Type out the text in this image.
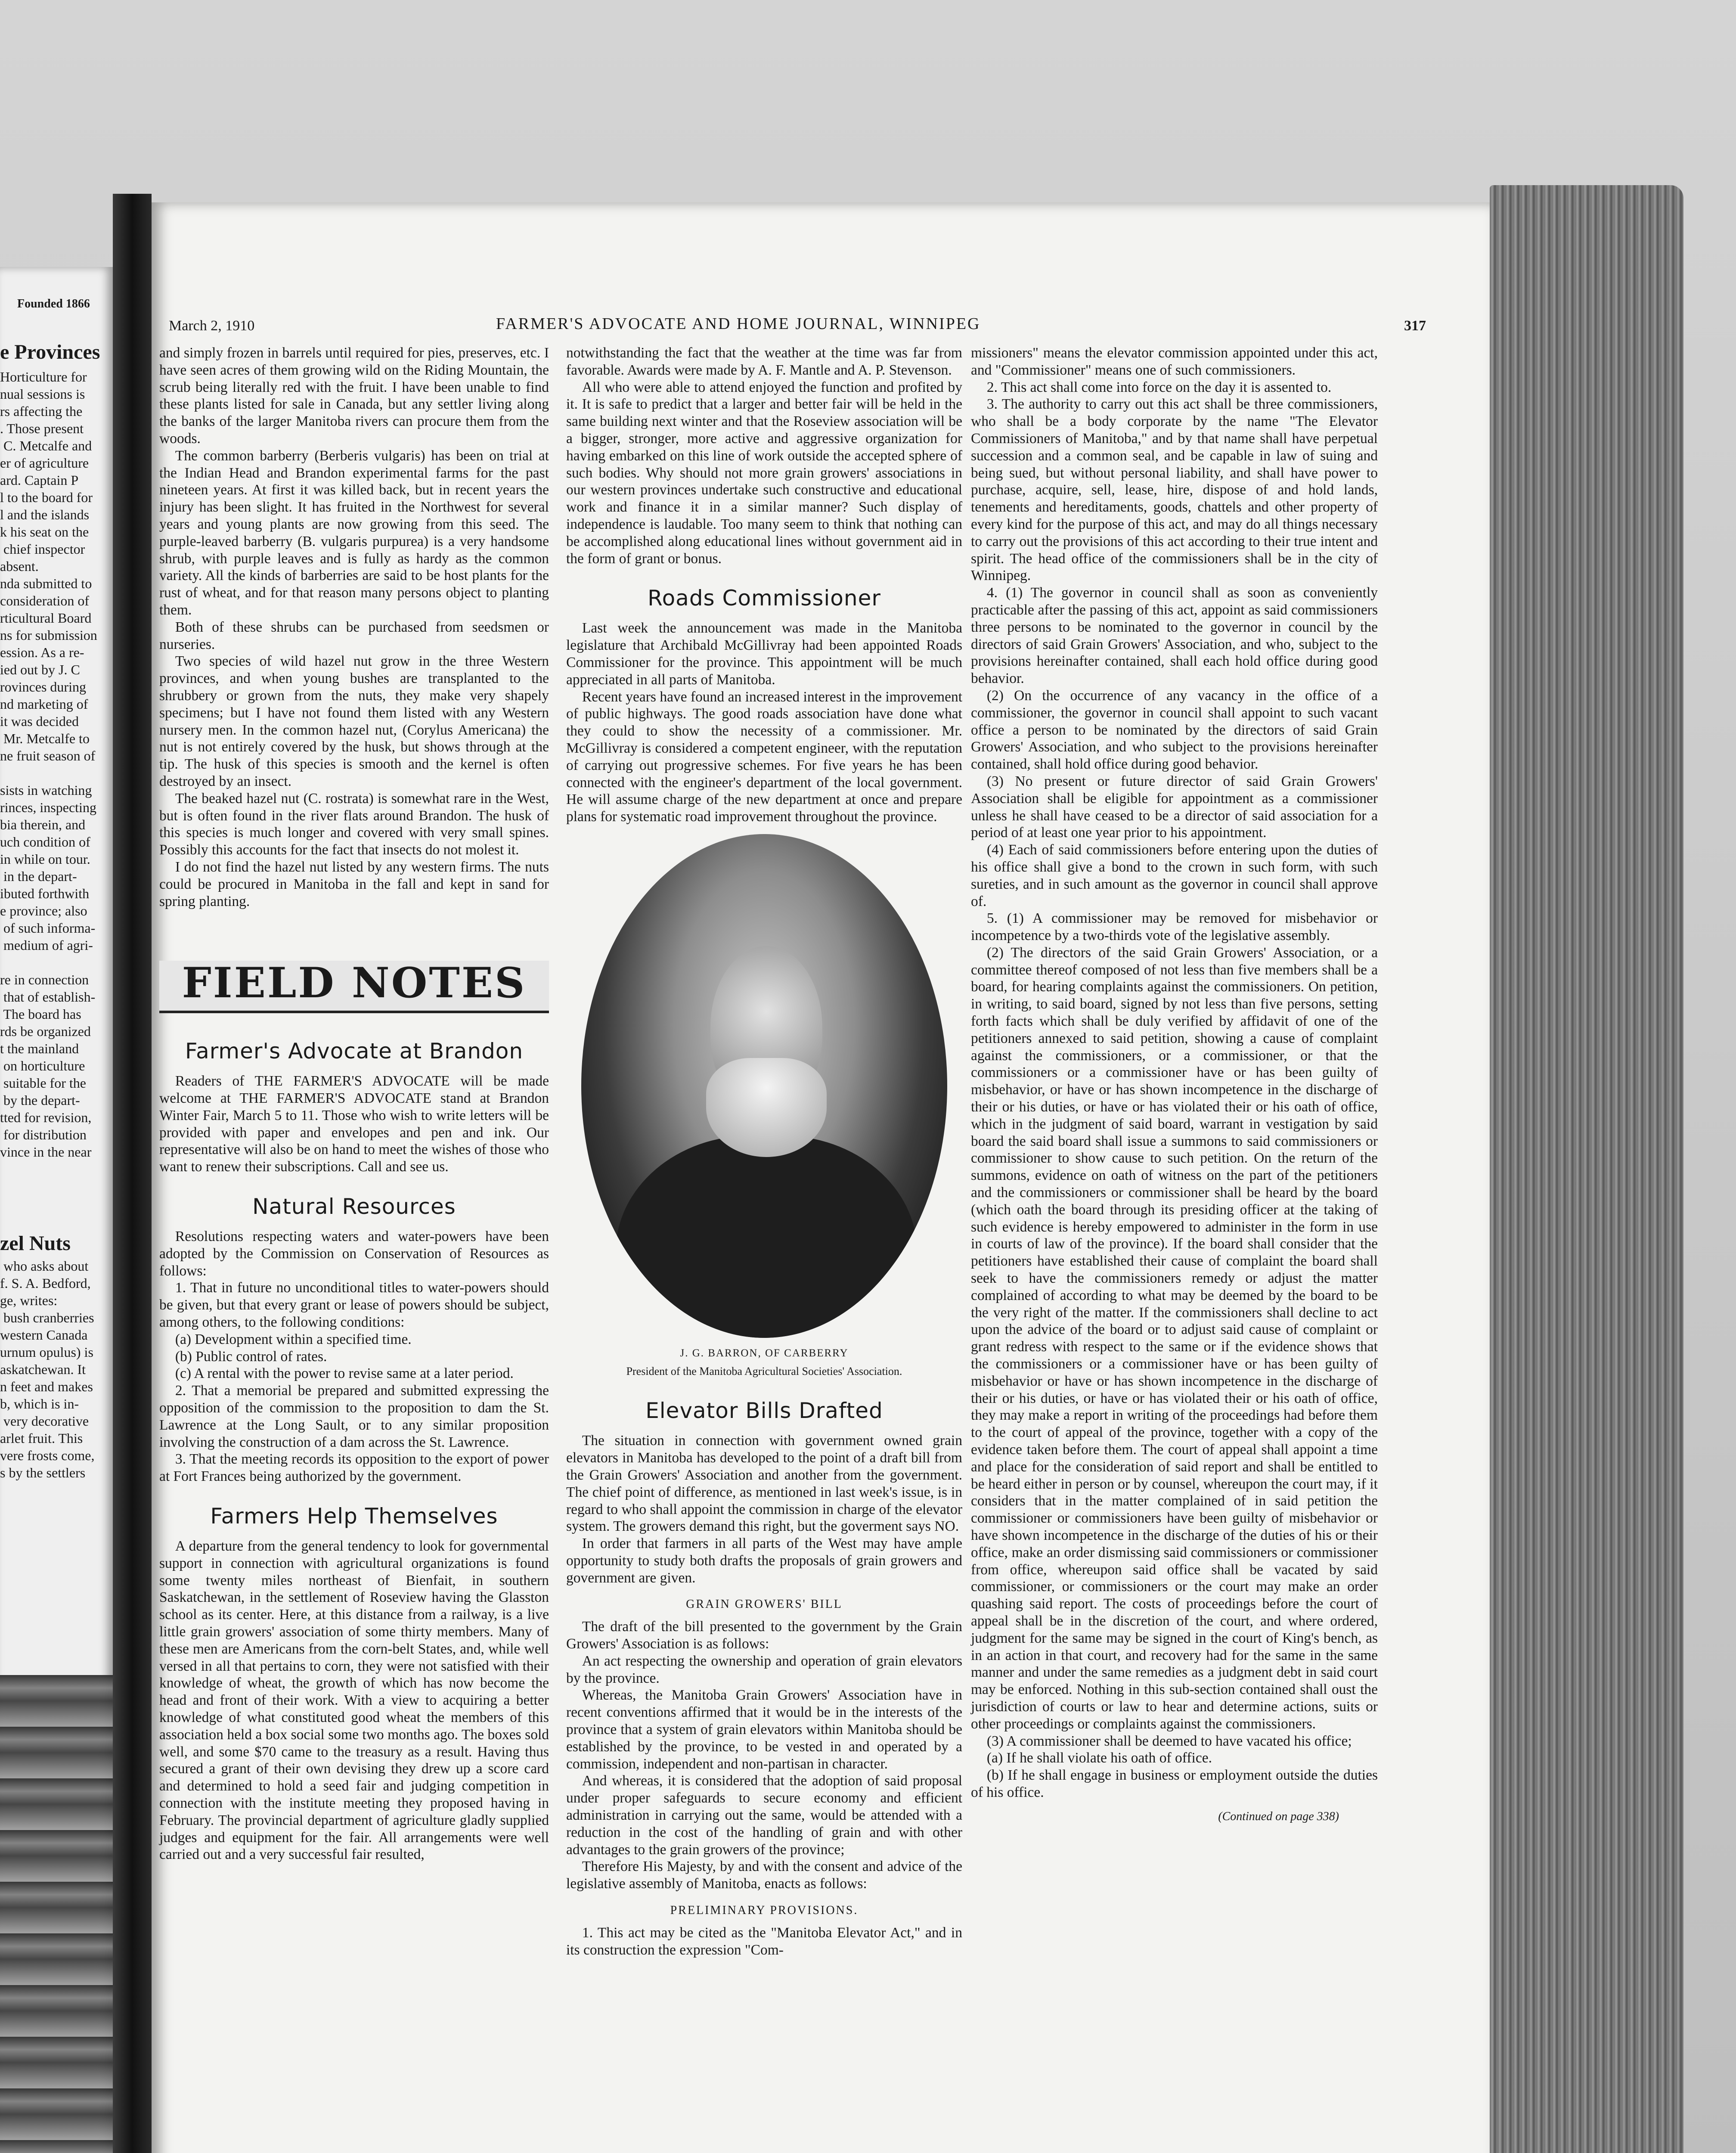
Founded 1866
e Provinces
Horticulture for
nual sessions is
rs affecting the
. Those present
C. Metcalfe and
er of agriculture
ard. Captain P
l to the board for
l and the islands
k his seat on the
chief inspector
absent.
nda submitted to
consideration of
rticultural Board
ns for submission
ession. As a re-
ied out by J. C
rovinces during
nd marketing of
it was decided
Mr. Metcalfe to
ne fruit season of
sists in watching
rinces, inspecting
bia therein, and
uch condition of
in while on tour.
in the depart-
ibuted forthwith
e province; also
of such informa-
medium of agri-

re in connection
that of establish-
The board has
rds be organized
t the mainland
on horticulture
suitable for the
by the depart-
tted for revision,
for distribution
vince in the near
zel Nuts
who asks about
f. S. A. Bedford,
ge, writes:
bush cranberries
western Canada
urnum opulus) is
askatchewan. It
n feet and makes
b, which is in-
very decorative
arlet fruit. This
vere frosts come,
s by the settlers
March 2, 1910	FARMER'S ADVOCATE AND HOME JOURNAL, WINNIPEG	317

and simply frozen in barrels until required for pies, preserves, etc. I have seen acres of them growing wild on the Riding Mountain, the scrub being literally red with the fruit. I have been unable to find these plants listed for sale in Canada, but any settler living along the banks of the larger Manitoba rivers can procure them from the woods.

The common barberry (Berberis vulgaris) has been on trial at the Indian Head and Brandon experimental farms for the past nineteen years. At first it was killed back, but in recent years the injury has been slight. It has fruited in the Northwest for several years and young plants are now growing from this seed. The purple-leaved barberry (B. vulgaris purpurea) is a very handsome shrub, with purple leaves and is fully as hardy as the common variety. All the kinds of barberries are said to be host plants for the rust of wheat, and for that reason many persons object to planting them.

Both of these shrubs can be purchased from seedsmen or nurseries.

Two species of wild hazel nut grow in the three Western provinces, and when young bushes are transplanted to the shrubbery or grown from the nuts, they make very shapely specimens; but I have not found them listed with any Western nursery men. In the common hazel nut, (Corylus Americana) the nut is not entirely covered by the husk, but shows through at the tip. The husk of this species is smooth and the kernel is often destroyed by an insect.

The beaked hazel nut (C. rostrata) is somewhat rare in the West, but is often found in the river flats around Brandon. The husk of this species is much longer and covered with very small spines. Possibly this accounts for the fact that insects do not molest it.

I do not find the hazel nut listed by any western firms. The nuts could be procured in Manitoba in the fall and kept in sand for spring planting.

FIELD NOTES
Farmer's Advocate at Brandon

Readers of THE FARMER'S ADVOCATE will be made welcome at THE FARMER'S ADVOCATE stand at Brandon Winter Fair, March 5 to 11. Those who wish to write letters will be provided with paper and envelopes and pen and ink. Our representative will also be on hand to meet the wishes of those who want to renew their subscriptions. Call and see us.

Natural Resources

Resolutions respecting waters and water-powers have been adopted by the Commission on Conservation of Resources as follows:

1. That in future no unconditional titles to water-powers should be given, but that every grant or lease of powers should be subject, among others, to the following conditions:

(a) Development within a specified time.

(b) Public control of rates.

(c) A rental with the power to revise same at a later period.

2. That a memorial be prepared and submitted expressing the opposition of the commission to the proposition to dam the St. Lawrence at the Long Sault, or to any similar proposition involving the construction of a dam across the St. Lawrence.

3. That the meeting records its opposition to the export of power at Fort Frances being authorized by the government.

Farmers Help Themselves

A departure from the general tendency to look for governmental support in connection with agricultural organizations is found some twenty miles northeast of Bienfait, in southern Saskatchewan, in the settlement of Roseview having the Glasston school as its center. Here, at this distance from a railway, is a live little grain growers' association of some thirty members. Many of these men are Americans from the corn-belt States, and, while well versed in all that pertains to corn, they were not satisfied with their knowledge of wheat, the growth of which has now become the head and front of their work. With a view to acquiring a better knowledge of what constituted good wheat the members of this association held a box social some two months ago. The boxes sold well, and some $70 came to the treasury as a result. Having thus secured a grant of their own devising they drew up a score card and determined to hold a seed fair and judging competition in connection with the institute meeting they proposed having in February. The provincial department of agriculture gladly supplied judges and equipment for the fair. All arrangements were well carried out and a very successful fair resulted,

notwithstanding the fact that the weather at the time was far from favorable. Awards were made by A. F. Mantle and A. P. Stevenson.

All who were able to attend enjoyed the function and profited by it. It is safe to predict that a larger and better fair will be held in the same building next winter and that the Roseview association will be a bigger, stronger, more active and aggressive organization for having embarked on this line of work outside the accepted sphere of such bodies. Why should not more grain growers' associations in our western provinces undertake such constructive and educational work and finance it in a similar manner? Such display of independence is laudable. Too many seem to think that nothing can be accomplished along educational lines without government aid in the form of grant or bonus.

Roads Commissioner

Last week the announcement was made in the Manitoba legislature that Archibald McGillivray had been appointed Roads Commissioner for the province. This appointment will be much appreciated in all parts of Manitoba.

Recent years have found an increased interest in the improvement of public highways. The good roads association have done what they could to show the necessity of a commissioner. Mr. McGillivray is considered a competent engineer, with the reputation of carrying out progressive schemes. For five years he has been connected with the engineer's department of the local government. He will assume charge of the new department at once and prepare plans for systematic road improvement throughout the province.

J. G. BARRON, OF CARBERRY
President of the Manitoba Agricultural Societies' Association.
Elevator Bills Drafted

The situation in connection with government owned grain elevators in Manitoba has developed to the point of a draft bill from the Grain Growers' Association and another from the government. The chief point of difference, as mentioned in last week's issue, is in regard to who shall appoint the commission in charge of the elevator system. The growers demand this right, but the goverment says NO.

In order that farmers in all parts of the West may have ample opportunity to study both drafts the proposals of grain growers and government are given.

GRAIN GROWERS' BILL

The draft of the bill presented to the government by the Grain Growers' Association is as follows:

An act respecting the ownership and operation of grain elevators by the province.

Whereas, the Manitoba Grain Growers' Association have in recent conventions affirmed that it would be in the interests of the province that a system of grain elevators within Manitoba should be established by the province, to be vested in and operated by a commission, independent and non-partisan in character.

And whereas, it is considered that the adoption of said proposal under proper safeguards to secure economy and efficient administration in carrying out the same, would be attended with a reduction in the cost of the handling of grain and with other advantages to the grain growers of the province;

Therefore His Majesty, by and with the consent and advice of the legislative assembly of Manitoba, enacts as follows:

PRELIMINARY PROVISIONS.

1. This act may be cited as the "Manitoba Elevator Act," and in its construction the expression "Com-

missioners" means the elevator commission appointed under this act, and "Commissioner" means one of such commissioners.

2. This act shall come into force on the day it is assented to.

3. The authority to carry out this act shall be three commissioners, who shall be a body corporate by the name "The Elevator Commissioners of Manitoba," and by that name shall have perpetual succession and a common seal, and be capable in law of suing and being sued, but without personal liability, and shall have power to purchase, acquire, sell, lease, hire, dispose of and hold lands, tenements and hereditaments, goods, chattels and other property of every kind for the purpose of this act, and may do all things necessary to carry out the provisions of this act according to their true intent and spirit. The head office of the commissioners shall be in the city of Winnipeg.

4. (1) The governor in council shall as soon as conveniently practicable after the passing of this act, appoint as said commissioners three persons to be nominated to the governor in council by the directors of said Grain Growers' Association, and who, subject to the provisions hereinafter contained, shall each hold office during good behavior.

(2) On the occurrence of any vacancy in the office of a commissioner, the governor in council shall appoint to such vacant office a person to be nominated by the directors of said Grain Growers' Association, and who subject to the provisions hereinafter contained, shall hold office during good behavior.

(3) No present or future director of said Grain Growers' Association shall be eligible for appointment as a commissioner unless he shall have ceased to be a director of said association for a period of at least one year prior to his appointment.

(4) Each of said commissioners before entering upon the duties of his office shall give a bond to the crown in such form, with such sureties, and in such amount as the governor in council shall approve of.

5. (1) A commissioner may be removed for misbehavior or incompetence by a two-thirds vote of the legislative assembly.

(2) The directors of the said Grain Growers' Association, or a committee thereof composed of not less than five members shall be a board, for hearing complaints against the commissioners. On petition, in writing, to said board, signed by not less than five persons, setting forth facts which shall be duly verified by affidavit of one of the petitioners annexed to said petition, showing a cause of complaint against the commissioners, or a commissioner, or that the commissioners or a commissioner have or has been guilty of misbehavior, or have or has shown incompetence in the discharge of their or his duties, or have or has violated their or his oath of office, which in the judgment of said board, warrant in vestigation by said board the said board shall issue a summons to said commissioners or commissioner to show cause to such petition. On the return of the summons, evidence on oath of witness on the part of the petitioners and the commissioners or commissioner shall be heard by the board (which oath the board through its presiding officer at the taking of such evidence is hereby empowered to administer in the form in use in courts of law of the province). If the board shall consider that the petitioners have established their cause of complaint the board shall seek to have the commissioners remedy or adjust the matter complained of according to what may be deemed by the board to be the very right of the matter. If the commissioners shall decline to act upon the advice of the board or to adjust said cause of complaint or grant redress with respect to the same or if the evidence shows that the commissioners or a commissioner have or has been guilty of misbehavior or have or has shown incompetence in the discharge of their or his duties, or have or has violated their or his oath of office, they may make a report in writing of the proceedings had before them to the court of appeal of the province, together with a copy of the evidence taken before them. The court of appeal shall appoint a time and place for the consideration of said report and shall be entitled to be heard either in person or by counsel, whereupon the court may, if it considers that in the matter complained of in said petition the commissioner or commissioners have been guilty of misbehavior or have shown incompetence in the discharge of the duties of his or their office, make an order dismissing said commissioners or commissioner from office, whereupon said office shall be vacated by said commissioner, or commissioners or the court may make an order quashing said report. The costs of proceedings before the court of appeal shall be in the discretion of the court, and where ordered, judgment for the same may be signed in the court of King's bench, as in an action in that court, and recovery had for the same in the same manner and under the same remedies as a judgment debt in said court may be enforced. Nothing in this sub-section contained shall oust the jurisdiction of courts or law to hear and determine actions, suits or other proceedings or complaints against the commissioners.

(3) A commissioner shall be deemed to have vacated his office;

(a) If he shall violate his oath of office.

(b) If he shall engage in business or employment outside the duties of his office.

(Continued on page 338)
